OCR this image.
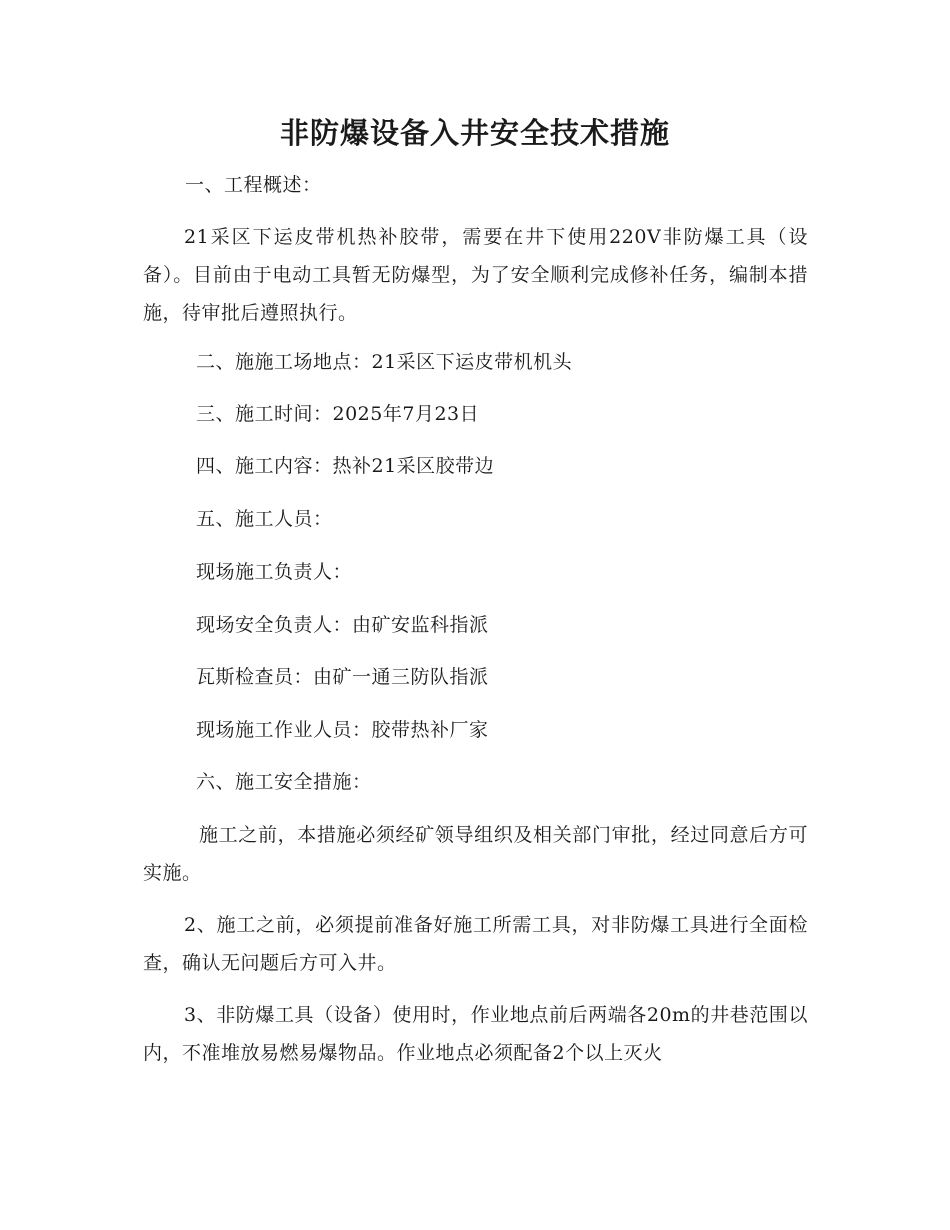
非防爆设备入井安全技术措施

一、工程概述：

21采区下运皮带机热补胶带，需要在井下使用220V非防爆工具（设备）。目前由于电动工具暂无防爆型，为了安全顺利完成修补任务，编制本措施，待审批后遵照执行。

二、施施工场地点：21采区下运皮带机机头

三、施工时间：2025年7月23日

四、施工内容：热补21采区胶带边

五、施工人员：

现场施工负责人：

现场安全负责人：由矿安监科指派

瓦斯检查员：由矿一通三防队指派

现场施工作业人员：胶带热补厂家

六、施工安全措施：

施工之前，本措施必须经矿领导组织及相关部门审批，经过同意后方可实施。

2、施工之前，必须提前准备好施工所需工具，对非防爆工具进行全面检查，确认无问题后方可入井。

3、非防爆工具（设备）使用时，作业地点前后两端各20m的井巷范围以内，不准堆放易燃易爆物品。作业地点必须配备2个以上灭火
